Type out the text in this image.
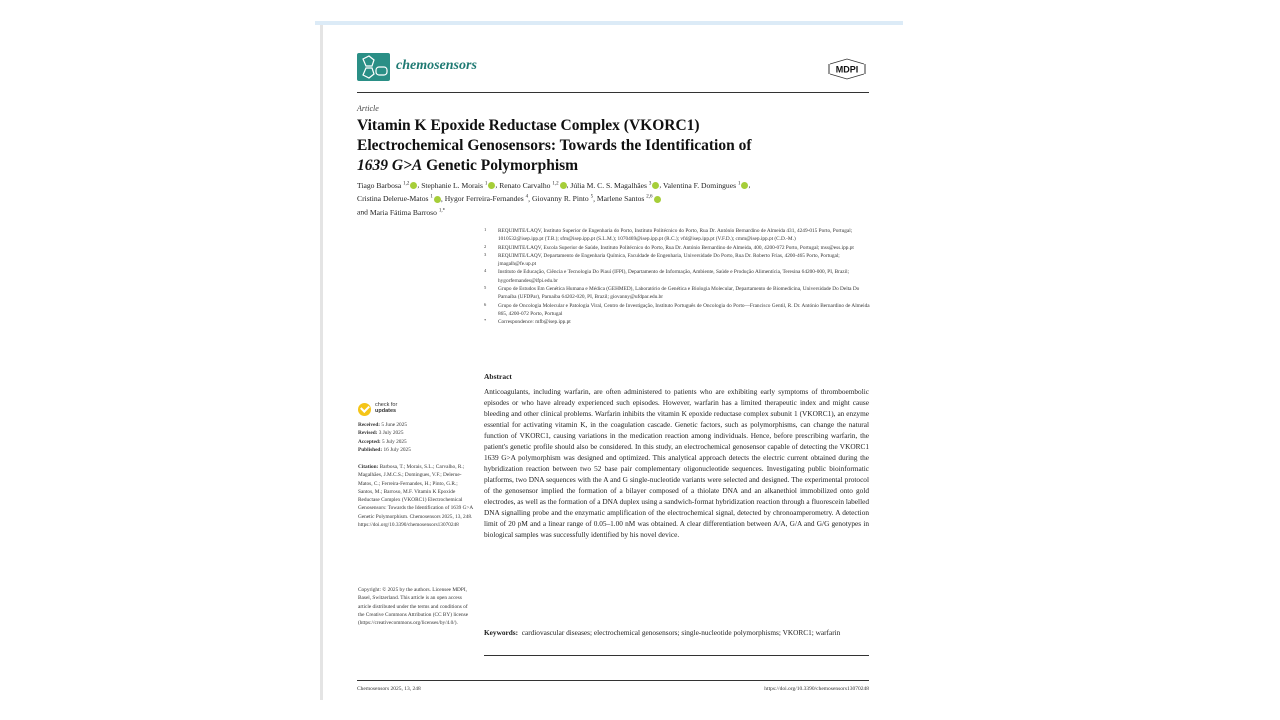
chemosensors	MDPI
Article
Vitamin K Epoxide Reductase Complex (VKORC1)
Electrochemical Genosensors: Towards the Identification of
1639 G>A Genetic Polymorphism
Tiago Barbosa $^{1,2}$ , Stephanie L. Morais $^1$ , Renato Carvalho $^{1,2}$ , Júlia M. C. S. Magalhães $^3$ , Valentina F. Domingues $^1$ ,
Cristina Delerue-Matos $^1$ , Hygor Ferreira-Fernandes $^4$, Giovanny R. Pinto $^5$, Marlene Santos $^{2,6}$
and Maria Fátima Barroso $^{1,*}$
1 REQUIMTE/LAQV, Instituto Superior de Engenharia do Porto, Instituto Politécnico do Porto, Rua Dr. António Bernardino de Almeida 431, 4249-015 Porto, Portugal; 1010532@isep.ipp.pt (T.B.); sfm@isep.ipp.pt (S.L.M.); 1070469@isep.ipp.pt (R.C.); vfd@isep.ipp.pt (V.F.D.); cmm@isep.ipp.pt (C.D.-M.)
2 REQUIMTE/LAQV, Escola Superior de Saúde, Instituto Politécnico do Porto, Rua Dr. António Bernardino de Almeida, 400, 4200-072 Porto, Portugal; mss@ess.ipp.pt
3 REQUIMTE/LAQV, Departamento de Engenharia Química, Faculdade de Engenharia, Universidade Do Porto, Rua Dr. Roberto Frias, 4200-465 Porto, Portugal; jmagalh@fe.up.pt
4 Instituto de Educação, Ciência e Tecnologia Do Piauí (IFPI), Departamento de Informação, Ambiente, Saúde e Produção Alimentícia, Teresina 64200-000, PI, Brazil; hygorfernandes@ifpi.edu.br
5 Grupo de Estudos Em Genética Humana e Médica (GEHMED), Laboratório de Genética e Biologia Molecular, Departamento de Biomedicina, Universidade Do Delta Do Parnaíba (UFDPar), Parnaíba 64202-020, PI, Brazil; giovanny@ufdpar.edu.br
6 Grupo de Oncologia Molecular e Patologia Viral, Centro de Investigação, Instituto Português de Oncologia do Porto—Francisco Gentil, R. Dr. António Bernardino de Almeida 865, 4200-072 Porto, Portugal
* Correspondence: mfb@isep.ipp.pt
Abstract
Anticoagulants, including warfarin, are often administered to patients who are exhibiting early symptoms of thromboembolic episodes or who have already experienced such episodes. However, warfarin has a limited therapeutic index and might cause bleeding and other clinical problems. Warfarin inhibits the vitamin K epoxide reductase complex subunit 1 (VKORC1), an enzyme essential for activating vitamin K, in the coagulation cascade. Genetic factors, such as polymorphisms, can change the natural function of VKORC1, causing variations in the medication reaction among individuals. Hence, before prescribing warfarin, the patient's genetic profile should also be considered. In this study, an electrochemical genosensor capable of detecting the VKORC1 1639 G>A polymorphism was designed and optimized. This analytical approach detects the electric current obtained during the hybridization reaction between two 52 base pair complementary oligonucleotide sequences. Investigating public bioinformatic platforms, two DNA sequences with the A and G single-nucleotide variants were selected and designed. The experimental protocol of the genosensor implied the formation of a bilayer composed of a thiolate DNA and an alkanethiol immobilized onto gold electrodes, as well as the formation of a DNA duplex using a sandwich-format hybridization reaction through a fluorescein labelled DNA signalling probe and the enzymatic amplification of the electrochemical signal, detected by chronoamperometry. A detection limit of 20 pM and a linear range of 0.05–1.00 nM was obtained. A clear differentiation between A/A, G/A and G/G genotypes in biological samples was successfully identified by his novel device.
Keywords: cardiovascular diseases; electrochemical genosensors; single-nucleotide polymorphisms; VKORC1; warfarin
check for
updates
Received: 5 June 2025
Revised: 3 July 2025
Accepted: 5 July 2025
Published: 16 July 2025
Citation: Barbosa, T.; Morais, S.L.; Carvalho, R.; Magalhães, J.M.C.S.; Domingues, V.F.; Delerue-Matos, C.; Ferreira-Fernandes, H.; Pinto, G.R.; Santos, M.; Barroso, M.F. Vitamin K Epoxide Reductase Complex (VKORC1) Electrochemical Genosensors: Towards the Identification of 1639 G>A Genetic Polymorphism. Chemosensors 2025, 13, 248. https://doi.org/10.3390/chemosensors13070248
Copyright: © 2025 by the authors. Licensee MDPI, Basel, Switzerland. This article is an open access article distributed under the terms and conditions of the Creative Commons Attribution (CC BY) license (https://creativecommons.org/licenses/by/4.0/).
Chemosensors 2025, 13, 248	https://doi.org/10.3390/chemosensors13070248
